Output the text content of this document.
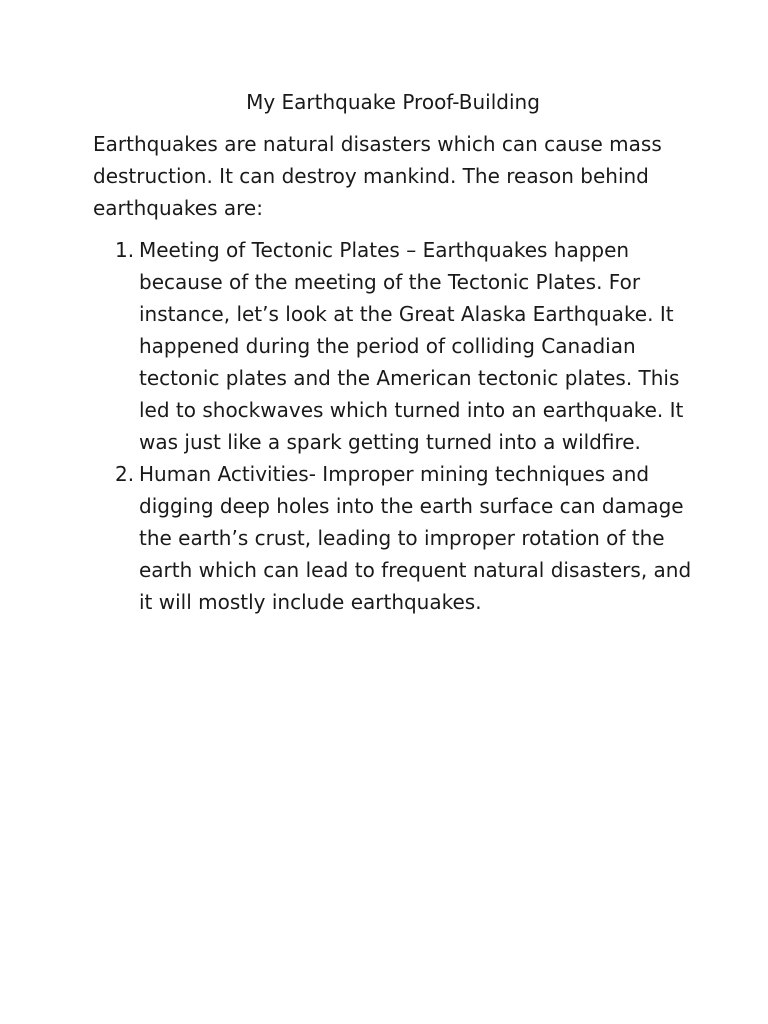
My Earthquake Proof-Building

Earthquakes are natural disasters which can cause mass destruction. It can destroy mankind. The reason behind earthquakes are:

1. Meeting of Tectonic Plates – Earthquakes happen because of the meeting of the Tectonic Plates. For instance, let’s look at the Great Alaska Earthquake. It happened during the period of colliding Canadian tectonic plates and the American tectonic plates. This led to shockwaves which turned into an earthquake. It was just like a spark getting turned into a wildfire.
2. Human Activities- Improper mining techniques and digging deep holes into the earth surface can damage the earth’s crust, leading to improper rotation of the earth which can lead to frequent natural disasters, and it will mostly include earthquakes.
